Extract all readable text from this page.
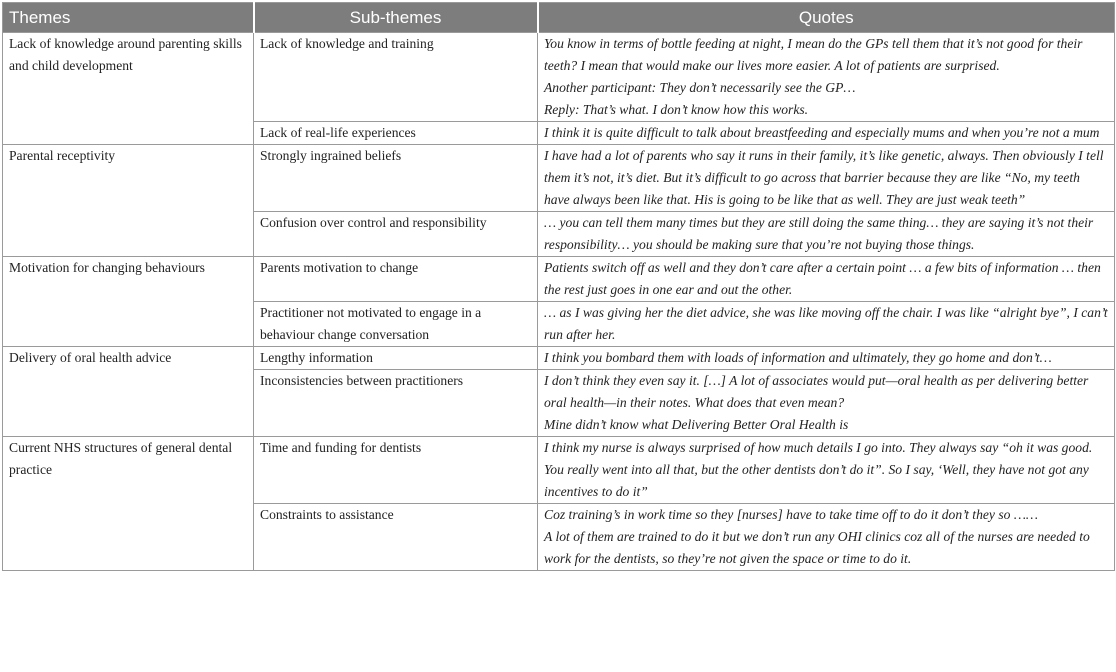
Themes	Sub-themes	Quotes
Lack of knowledge around parenting skills and child development	Lack of knowledge and training	You know in terms of bottle feeding at night, I mean do the GPs tell them that it’s not good for their teeth? I mean that would make our lives more easier. A lot of patients are surprised.
Another participant: They don’t necessarily see the GP…
Reply: That’s what. I don’t know how this works.

	Lack of real-life experiences	I think it is quite difficult to talk about breastfeeding and especially mums and when you’re not a mum

Parental receptivity	Strongly ingrained beliefs	I have had a lot of parents who say it runs in their family, it’s like genetic, always. Then obviously I tell them it’s not, it’s diet. But it’s difficult to go across that barrier because they are like “No, my teeth have always been like that. His is going to be like that as well. They are just weak teeth”

	Confusion over control and responsibility	… you can tell them many times but they are still doing the same thing… they are saying it’s not their responsibility… you should be making sure that you’re not buying those things.

Motivation for changing behaviours	Parents motivation to change	Patients switch off as well and they don’t care after a certain point … a few bits of information … then the rest just goes in one ear and out the other.

	Practitioner not motivated to engage in a behaviour change conversation	… as I was giving her the diet advice, she was like moving off the chair. I was like “alright bye”, I can’t run after her.

Delivery of oral health advice	Lengthy information	I think you bombard them with loads of information and ultimately, they go home and don’t…

	Inconsistencies between practitioners	I don’t think they even say it. […] A lot of associates would put—oral health as per delivering better oral health—in their notes. What does that even mean?
Mine didn’t know what Delivering Better Oral Health is

Current NHS structures of general dental practice	Time and funding for dentists	I think my nurse is always surprised of how much details I go into. They always say “oh it was good. You really went into all that, but the other dentists don’t do it”. So I say, ‘Well, they have not got any incentives to do it”

	Constraints to assistance	Coz training’s in work time so they [nurses] have to take time off to do it don’t they so ……
A lot of them are trained to do it but we don’t run any OHI clinics coz all of the nurses are needed to work for the dentists, so they’re not given the space or time to do it.
